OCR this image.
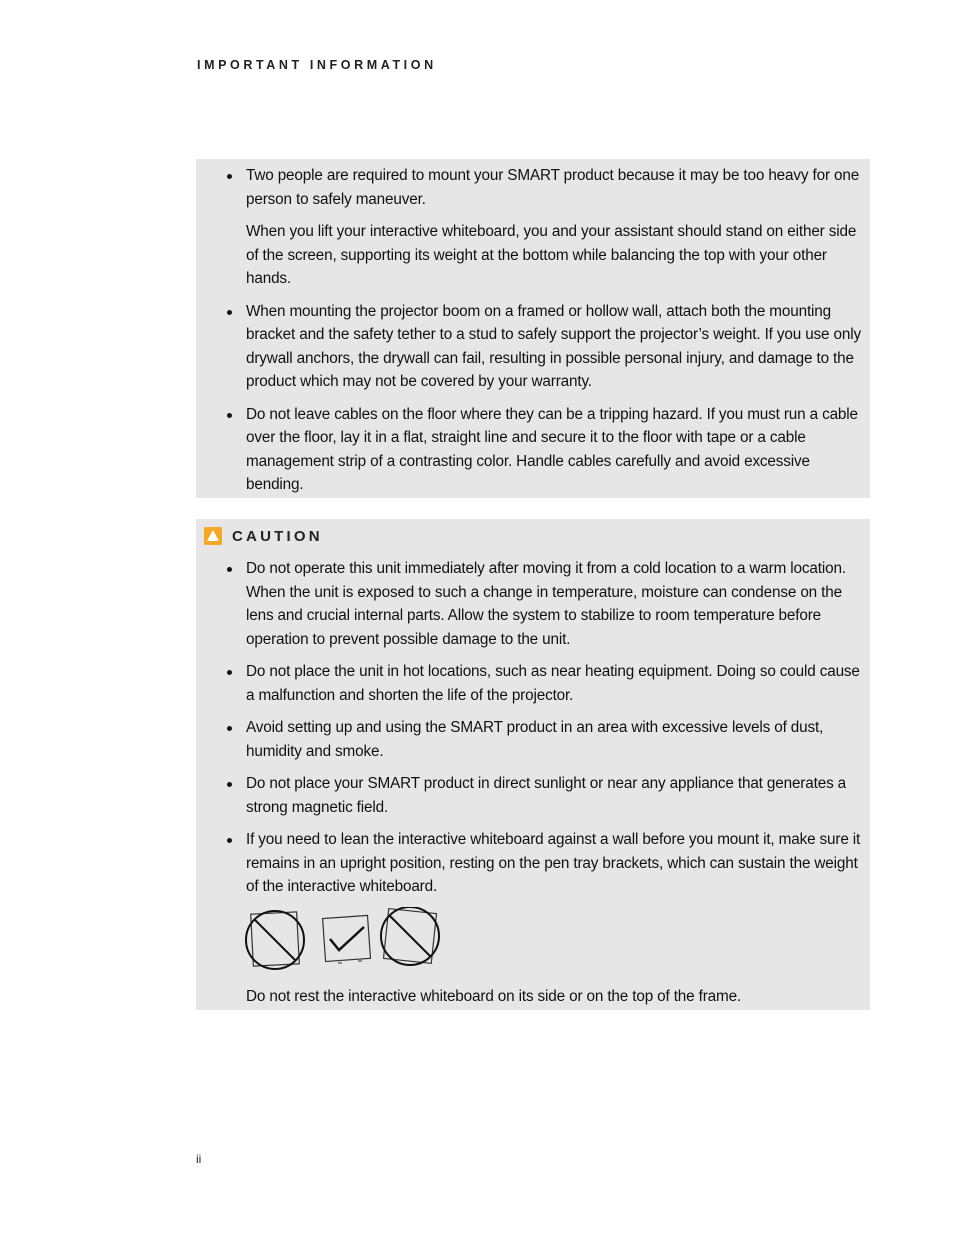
IMPORTANT INFORMATION

Two people are required to mount your SMART product because it may be too heavy for one person to safely maneuver.

When you lift your interactive whiteboard, you and your assistant should stand on either side of the screen, supporting its weight at the bottom while balancing the top with your other hands.

When mounting the projector boom on a framed or hollow wall, attach both the mounting bracket and the safety tether to a stud to safely support the projector’s weight. If you use only drywall anchors, the drywall can fail, resulting in possible personal injury, and damage to the product which may not be covered by your warranty.

Do not leave cables on the floor where they can be a tripping hazard. If you must run a cable over the floor, lay it in a flat, straight line and secure it to the floor with tape or a cable management strip of a contrasting color. Handle cables carefully and avoid excessive bending.

CAUTION

Do not operate this unit immediately after moving it from a cold location to a warm location. When the unit is exposed to such a change in temperature, moisture can condense on the lens and crucial internal parts. Allow the system to stabilize to room temperature before operation to prevent possible damage to the unit.

Do not place the unit in hot locations, such as near heating equipment. Doing so could cause a malfunction and shorten the life of the projector.

Avoid setting up and using the SMART product in an area with excessive levels of dust, humidity and smoke.

Do not place your SMART product in direct sunlight or near any appliance that generates a strong magnetic field.

If you need to lean the interactive whiteboard against a wall before you mount it, make sure it remains in an upright position, resting on the pen tray brackets, which can sustain the weight of the interactive whiteboard.

Do not rest the interactive whiteboard on its side or on the top of the frame.
ii
